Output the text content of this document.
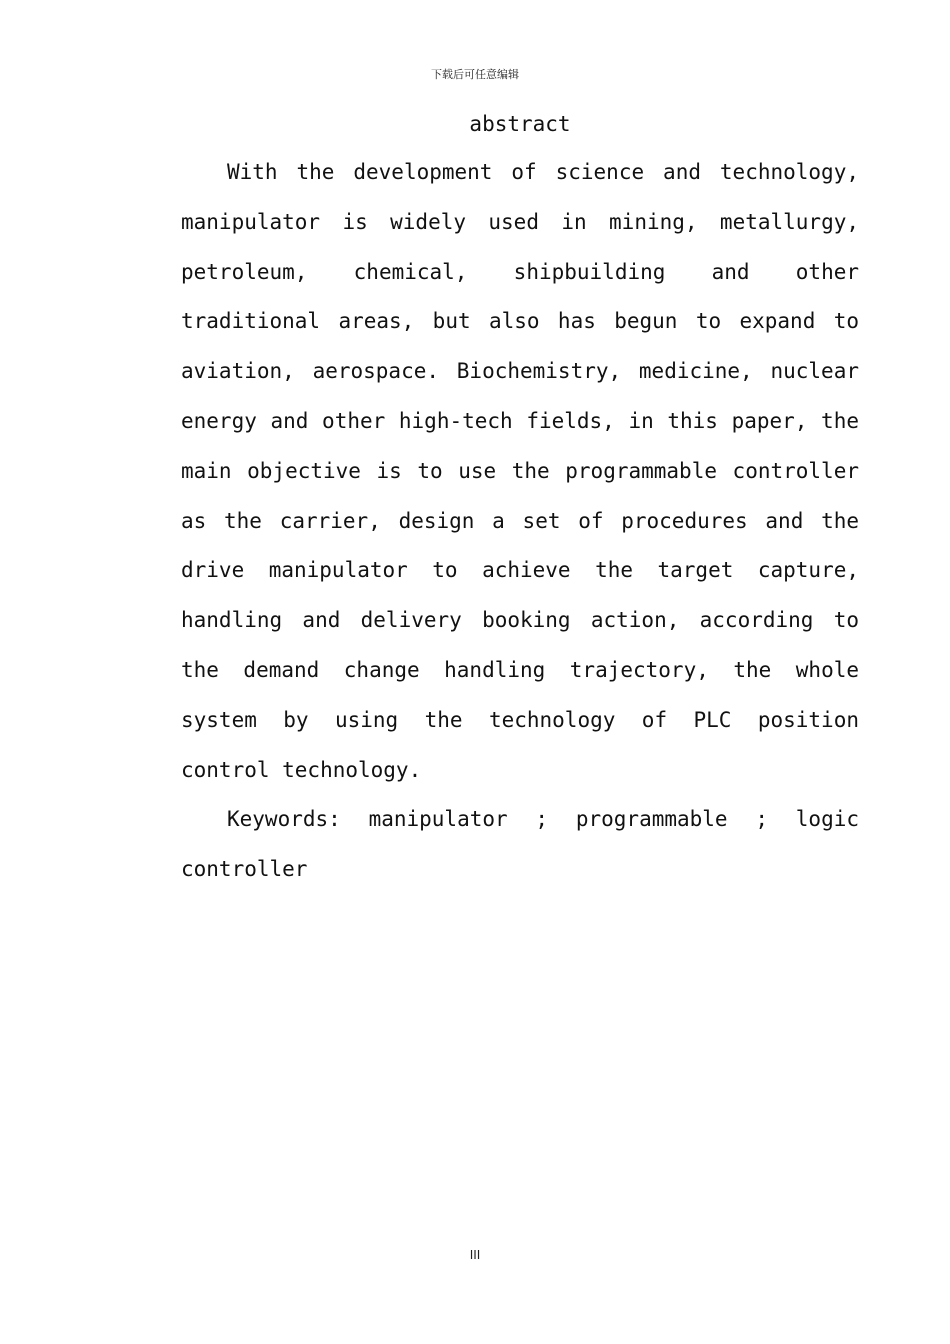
下载后可任意编辑
abstract

With the development of science and technology, manipulator is widely used in mining, metallurgy, petroleum, chemical, shipbuilding and other traditional areas, but also has begun to expand to aviation, aerospace. Biochemistry, medicine, nuclear energy and other high-tech fields, in this paper, the main objective is to use the programmable controller as the carrier, design a set of procedures and the drive manipulator to achieve the target capture, handling and delivery booking action, according to the demand change handling trajectory, the whole system by using the technology of PLC position control technology.

Keywords: manipulator ; programmable ; logic controller

III
